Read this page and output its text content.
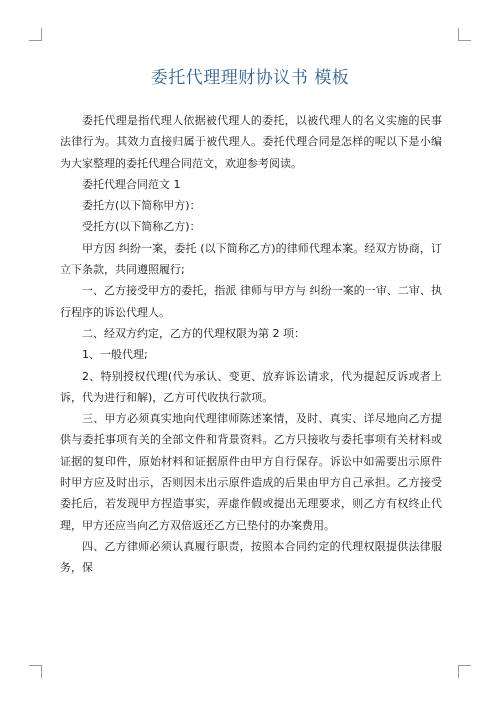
委托代理理财协议书 模板

委托代理是指代理人依据被代理人的委托，以被代理人的名义实施的民事法律行为。其效力直接归属于被代理人。委托代理合同是怎样的呢以下是小编为大家整理的委托代理合同范文，欢迎参考阅读。

委托代理合同范文 1

委托方(以下简称甲方)：

受托方(以下简称乙方)：

甲方因 纠纷一案，委托 (以下简称乙方)的律师代理本案。经双方协商，订立下条款，共同遵照履行;

一、乙方接受甲方的委托，指派 律师与甲方与 纠纷一案的一审、二审、执行程序的诉讼代理人。

二、经双方约定，乙方的代理权限为第 2 项：

1、一般代理;

2、特别授权代理(代为承认、变更、放弃诉讼请求，代为提起反诉或者上诉，代为进行和解)，乙方可代收执行款项。

三、甲方必须真实地向代理律师陈述案情，及时、真实、详尽地向乙方提供与委托事项有关的全部文件和背景资料。乙方只接收与委托事项有关材料或证据的复印件，原始材料和证据原件由甲方自行保存。诉讼中如需要出示原件时甲方应及时出示，否则因未出示原件造成的后果由甲方自己承担。乙方接受委托后，若发现甲方捏造事实，弄虚作假或提出无理要求，则乙方有权终止代理，甲方还应当向乙方双倍返还乙方已垫付的办案费用。

四、乙方律师必须认真履行职责，按照本合同约定的代理权限提供法律服务，保
